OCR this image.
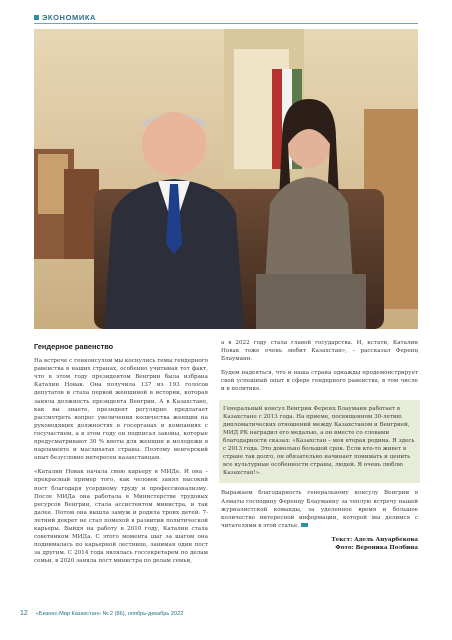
ЭКОНОМИКА
Гендерное равенство

На встрече с генконсулом мы коснулись темы гендерного равенства в наших странах, особенно учитывая тот факт, что в этом году президентом Венгрии была избрана Каталин Новак. Она получила 137 из 193 голосов депутатов и стала первой женщиной в истории, которая заняла должность президента Венгрии. А в Казахстане, как вы знаете, президент регулярно предлагает рассмотреть вопрос увеличения количества женщин на руководящих должностях в госорганах и компаниях с госучастием, а в этом году он подписал законы, которые предусматривают 30 % квоты для женщин и молодежи в парламенте и маслихатах страны. Поэтому венгерский опыт безусловно интересен казахстанцам.

«Каталин Новак начала свою карьеру в МИДе. И она – прекрасный пример того, как человек занял высокий пост благодаря усердному труду и профессионализму. После МИДа она работала в Министерстве трудовых ресурсов Венгрии, стала ассистентом министра, и так далее. Потом она вышла замуж и родила троих детей. 7-летний декрет не стал помехой в развитии политической карьеры. Выйдя на работу в 2010 году, Каталин стала советником МИДа. С этого момента шаг за шагом она поднималась по карьерной лестнице, занимая один пост за другим. С 2014 года являлась госсекретарем по делам семьи, в 2020 заняла пост министра по делам семьи,

а в 2022 году стала главой государства. И, кстати, Каталин Новак тоже очень любит Казахстан», – рассказал Ференц Блауманн.

Будем надеяться, что и наша страна однажды продемонстрирует свой успешный опыт в сфере гендерного равенства, в том числе и в политике.

Генеральный консул Венгрии Ференц Блауманн работает в Казахстане с 2013 года. На приеме, посвященном 30-летию дипломатических отношений между Казахстаном и Венгрией, МИД РК наградил его медалью, а он вместе со словами благодарности сказал: «Казахстан – моя вторая родина. Я здесь с 2013 года. Это довольно большой срок. Если кто-то живет в стране так долго, он обязательно начинает понимать и ценить все культурные особенности страны, людей. Я очень люблю Казахстан!».

Выражаем благодарность генеральному консулу Венгрии в Алматы господину Ференцу Блауманну за теплую встречу нашей журналистской команды, за уделенное время и большое количество интересной информации, которой мы делимся с читателями в этой статье.

Текст: Адель Ануарбекова
Фото: Вероника Полбина
12 «Бизнес-Мир Казахстан» № 2 (86), ноябрь-декабрь 2022
